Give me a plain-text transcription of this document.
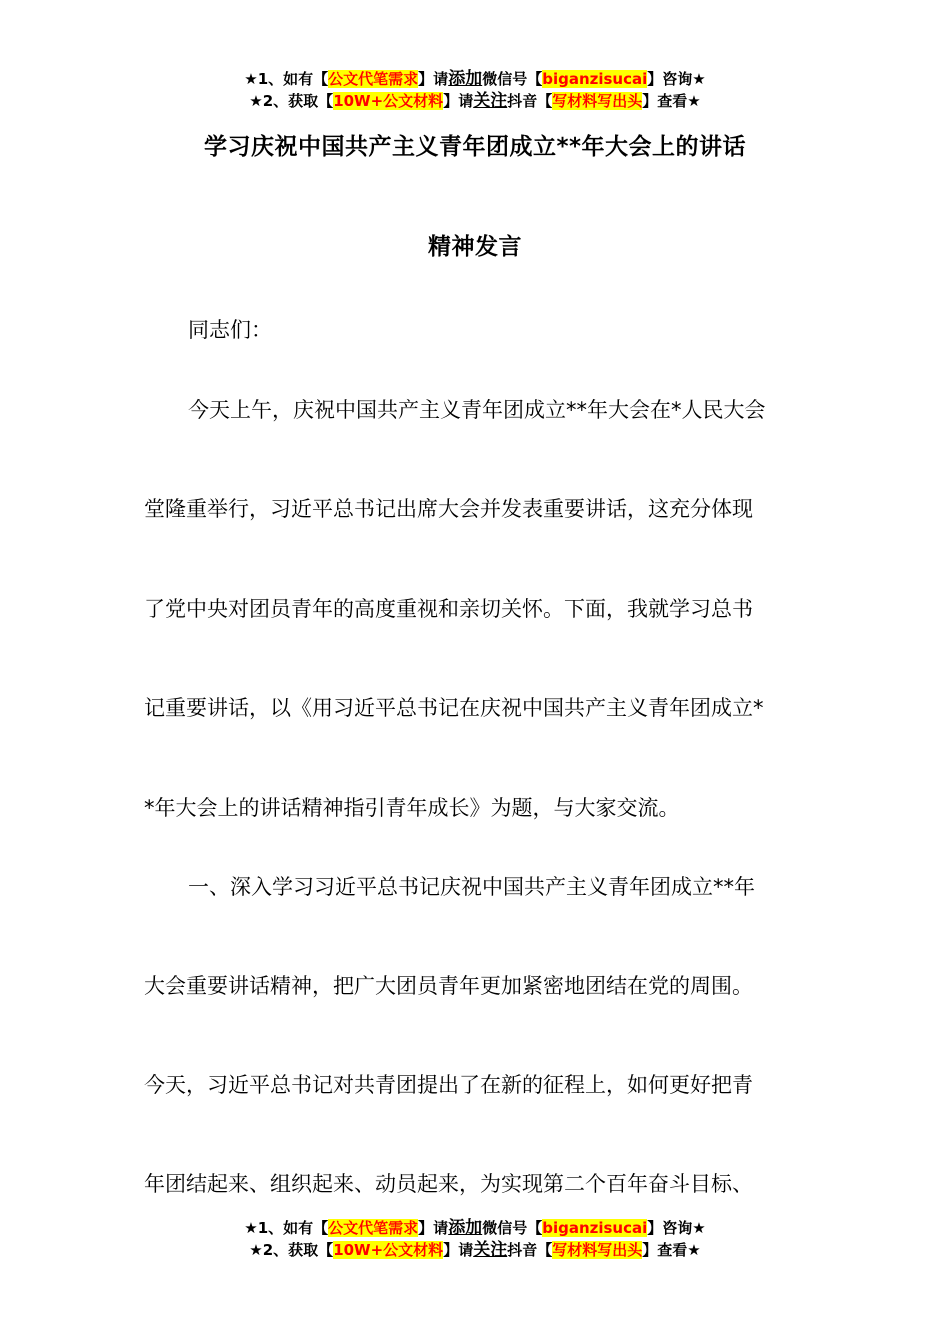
★1、如有【公文代笔需求】请添加微信号【biganzisucai】咨询★
★2、获取【10W+公文材料】请关注抖音【写材料写出头】查看★
学习庆祝中国共产主义青年团成立**年大会上的讲话
精神发言
同志们：
今天上午，庆祝中国共产主义青年团成立**年大会在*人民大会
堂隆重举行，习近平总书记出席大会并发表重要讲话，这充分体现
了党中央对团员青年的高度重视和亲切关怀。下面，我就学习总书
记重要讲话，以《用习近平总书记在庆祝中国共产主义青年团成立*
*年大会上的讲话精神指引青年成长》为题，与大家交流。
一、深入学习习近平总书记庆祝中国共产主义青年团成立**年
大会重要讲话精神，把广大团员青年更加紧密地团结在党的周围。
今天，习近平总书记对共青团提出了在新的征程上，如何更好把青
年团结起来、组织起来、动员起来，为实现第二个百年奋斗目标、
★1、如有【公文代笔需求】请添加微信号【biganzisucai】咨询★
★2、获取【10W+公文材料】请关注抖音【写材料写出头】查看★
